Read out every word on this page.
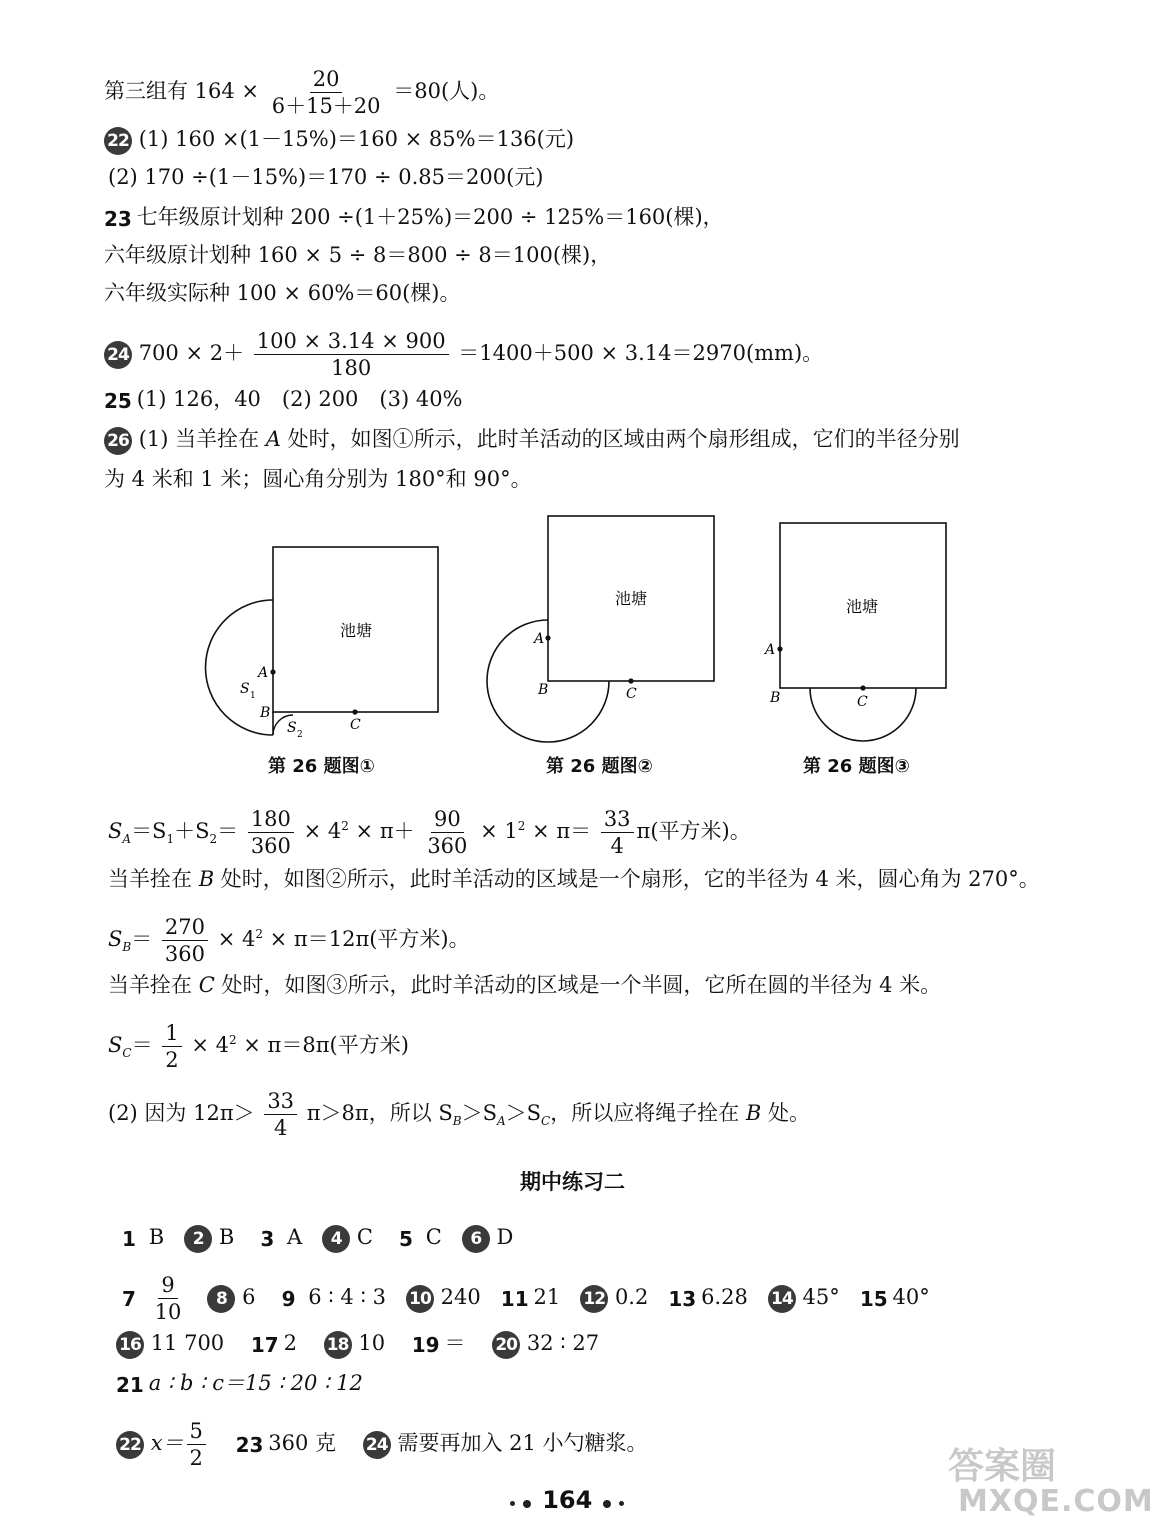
第三组有 $164 \times \frac{20}{6+15+20} =80$(人)。
22 (1) 160 ×(1－15%)＝160 × 85%＝136(元)
(2) 170 ÷(1－15%)＝170 ÷ 0.85＝200(元)
23 七年级原计划种 200 ÷(1＋25%)＝200 ÷ 125%＝160(棵)，
六年级原计划种 160 × 5 ÷ 8＝800 ÷ 8＝100(棵)，
六年级实际种 100 × 60%＝60(棵)。
24 $700 \times 2+ \frac{100 \times 3.14 \times 900}{180} =1400+500 \times 3.14=2970(mm)$。
25 (1) 126，40　(2) 200　(3) 40%
26 (1) 当羊拴在 A 处时，如图①所示，此时羊活动的区域由两个扇形组成，它们的半径分别
为 4 米和 1 米；圆心角分别为 180°和 90°。
池塘
A
B
C
S 1
S 2
第 26 题图①
池塘
A
B	C
第 26 题图②
池塘
A
B	C
第 26 题图③
$S_A=S_1+S_2= \frac{180}{360} \times 4^2 \times \pi+ \frac{90}{360} \times 1^2 \times \pi= \frac{33}{4} \pi$(平方米)。
当羊拴在 B 处时，如图②所示，此时羊活动的区域是一个扇形，它的半径为 4 米，圆心角为 270°。
$S_B= \frac{270}{360} \times 4^2 \times \pi=12\pi$(平方米)。
当羊拴在 C 处时，如图③所示，此时羊活动的区域是一个半圆，它所在圆的半径为 4 米。
$S_C= \frac{1}{2} \times 4^2 \times \pi=8\pi$(平方米)
(2) 因为 $12\pi> \frac{33}{4} \pi>8\pi$，所以 $S_B>S_A>S_C$，所以应将绳子拴在 B 处。
期中练习二
1 B 2 B 3 A 4 C 5 C 6 D
$7 \frac{9}{10} 8$ 6 9 6 ∶ 4 ∶ 3 10 240 11 21 12 0.2 13 6.28 14 45° 15 40°
16 11 700 17 2 18 10 19 ＝ 20 32 ∶ 27
21 a ∶ b ∶ c＝15 ∶ 20 ∶ 12
22 $x= \frac{5}{2} 23$ 360 克 24 需要再加入 21 小勺糖浆。
164
答案圈
MXQE.COM
